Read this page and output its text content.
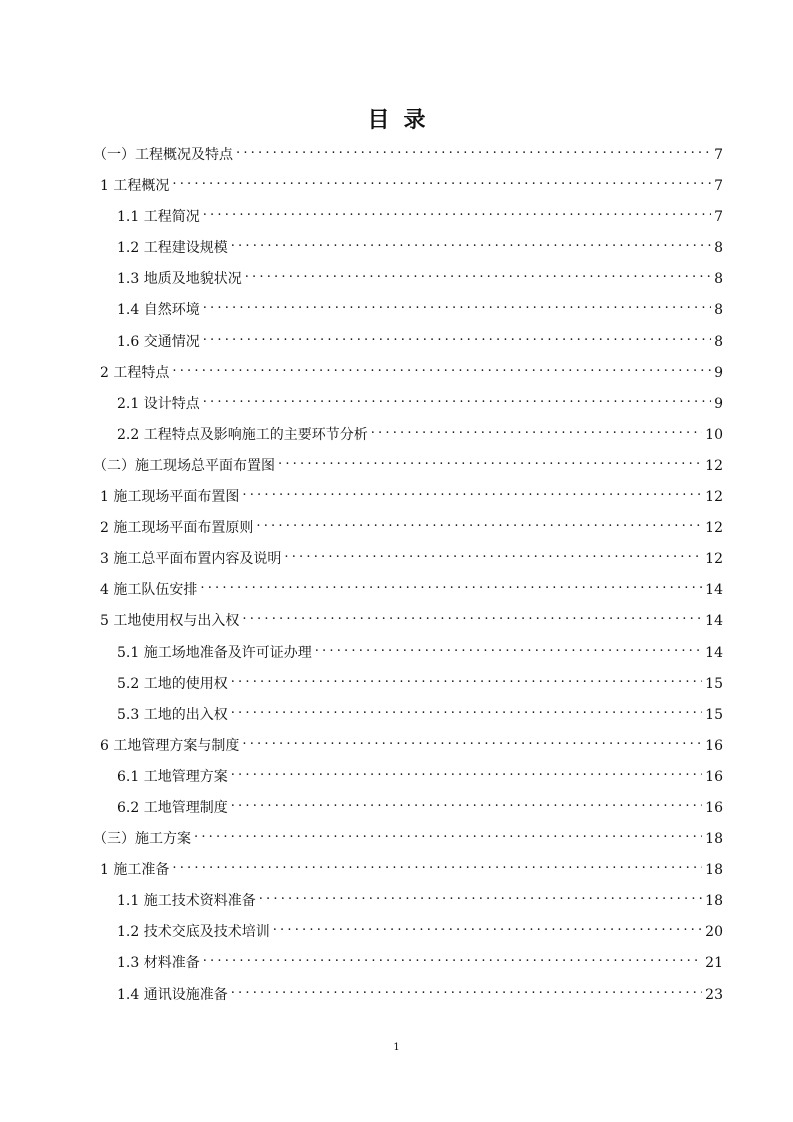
目录
（一）工程概况及特点
.....	7
1 工程概况
.....	7
1.1 工程简况
.....	7
1.2 工程建设规模
.....	8
1.3 地质及地貌状况
.....	8
1.4 自然环境
.....	8
1.6 交通情况
.....	8
2 工程特点
.....	9
2.1 设计特点
.....	9
2.2 工程特点及影响施工的主要环节分析
.....	10
（二）施工现场总平面布置图
.....	12
1 施工现场平面布置图
.....	12
2 施工现场平面布置原则
.....	12
3 施工总平面布置内容及说明
.....	12
4 施工队伍安排
.....	14
5 工地使用权与出入权
.....	14
5.1 施工场地准备及许可证办理
.....	14
5.2 工地的使用权
.....	15
5.3 工地的出入权
.....	15
6 工地管理方案与制度
.....	16
6.1 工地管理方案
.....	16
6.2 工地管理制度
.....	16
（三）施工方案
.....	18
1 施工准备
.....	18
1.1 施工技术资料准备
.....	18
1.2 技术交底及技术培训
.....	20
1.3 材料准备
.....	21
1.4 通讯设施准备
.....	23
1
